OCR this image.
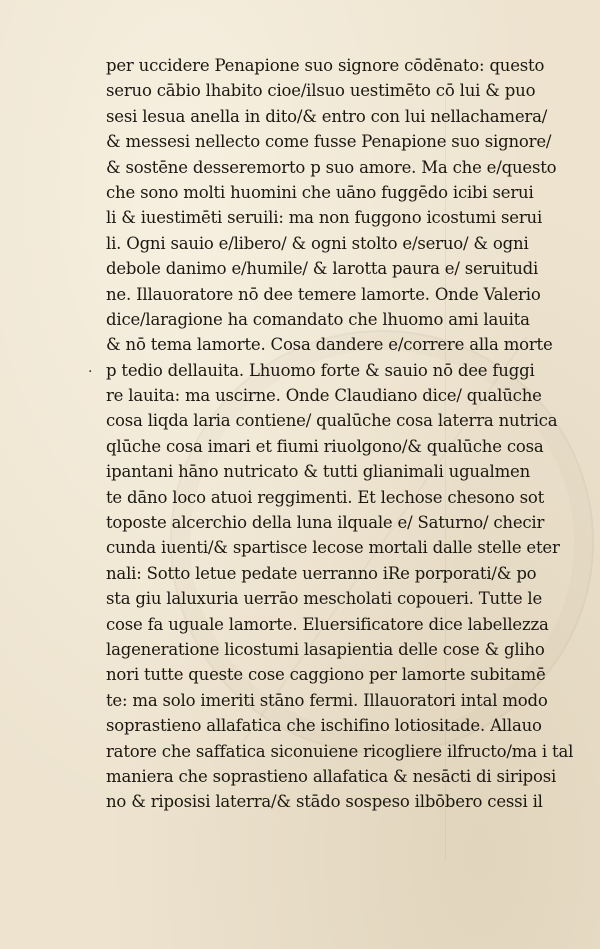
.
per uccidere Penapione suo signore cōdēnato: questo
seruo cābio lhabito cioe/ilsuo uestimēto cō lui & puo
sesi lesua anella in dito/& entro con lui nellachamera/
& messesi nellecto come fusse Penapione suo signore/
& sostēne desseremorto p suo amore. Ma che e/questo
che sono molti huomini che uāno fuggēdo icibi serui
li & iuestimēti seruili: ma non fuggono icostumi serui
li. Ogni sauio e/libero/ & ogni stolto e/seruo/ & ogni
debole danimo e/humile/ & larotta paura e/ seruitudi
ne. Illauoratore nō dee temere lamorte. Onde Valerio
dice/laragione ha comandato che lhuomo ami lauita
& nō tema lamorte. Cosa dandere e/correre alla morte
p tedio dellauita. Lhuomo forte & sauio nō dee fuggi
re lauita: ma uscirne. Onde Claudiano dice/ qualūche
cosa liqda laria contiene/ qualūche cosa laterra nutrica
qlūche cosa imari et fiumi riuolgono/& qualūche cosa
ipantani hāno nutricato & tutti glianimali ugualmen
te dāno loco atuoi reggimenti. Et lechose chesono sot
toposte alcerchio della luna ilquale e/ Saturno/ checir
cunda iuenti/& spartisce lecose mortali dalle stelle eter
nali: Sotto letue pedate uerranno iRe porporati/& po
sta giu laluxuria uerrāo mescholati copoueri. Tutte le
cose fa uguale lamorte. Eluersificatore dice labellezza
lageneratione licostumi lasapientia delle cose & gliho
nori tutte queste cose caggiono per lamorte subitamē
te: ma solo imeriti stāno fermi. Illauoratori intal modo
soprastieno allafatica che ischifino lotiositade. Allauo
ratore che saffatica siconuiene ricogliere ilfructo/ma i tal
maniera che soprastieno allafatica & nesācti di siriposi
no & riposisi laterra/& stādo sospeso ilbōbero cessi il
